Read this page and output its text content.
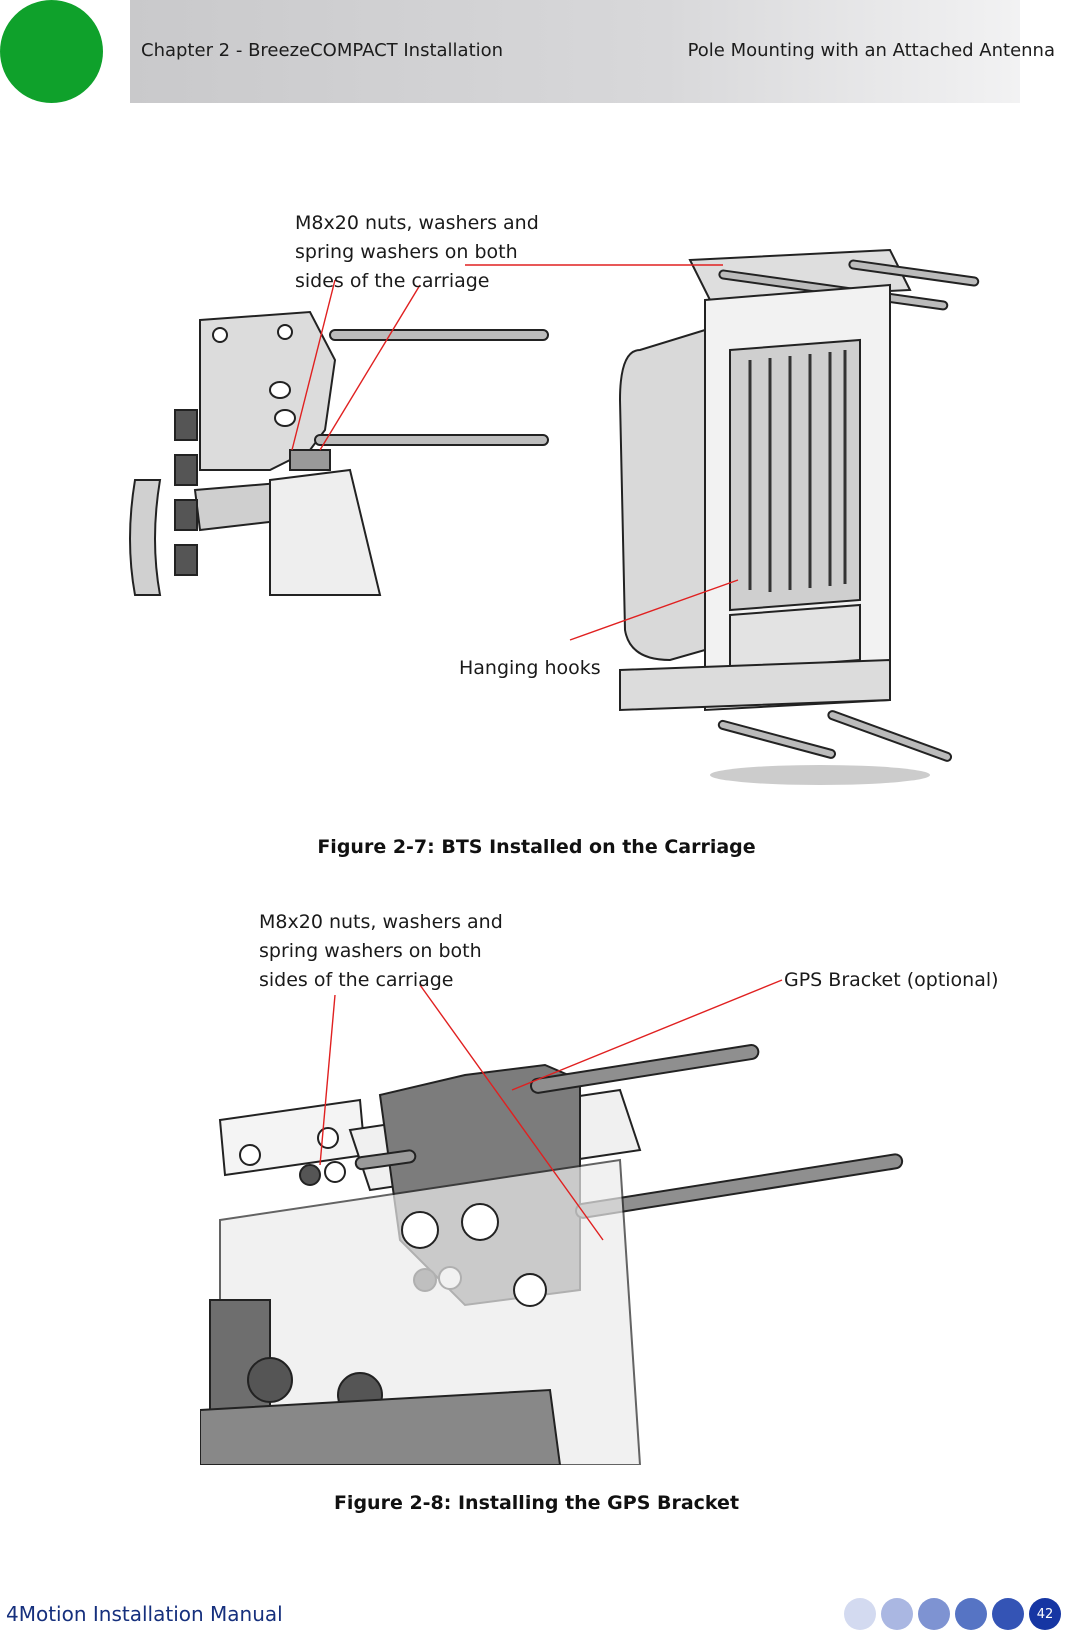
Chapter 2 - BreezeCOMPACT Installation	Pole Mounting with an Attached Antenna
M8x20 nuts, washers and
spring washers on both
sides of the carriage
Hanging hooks
Figure 2-7: BTS Installed on the Carriage
M8x20 nuts, washers and
spring washers on both
sides of the carriage	GPS Bracket (optional)
Figure 2-8: Installing the GPS Bracket
4Motion Installation Manual	42
